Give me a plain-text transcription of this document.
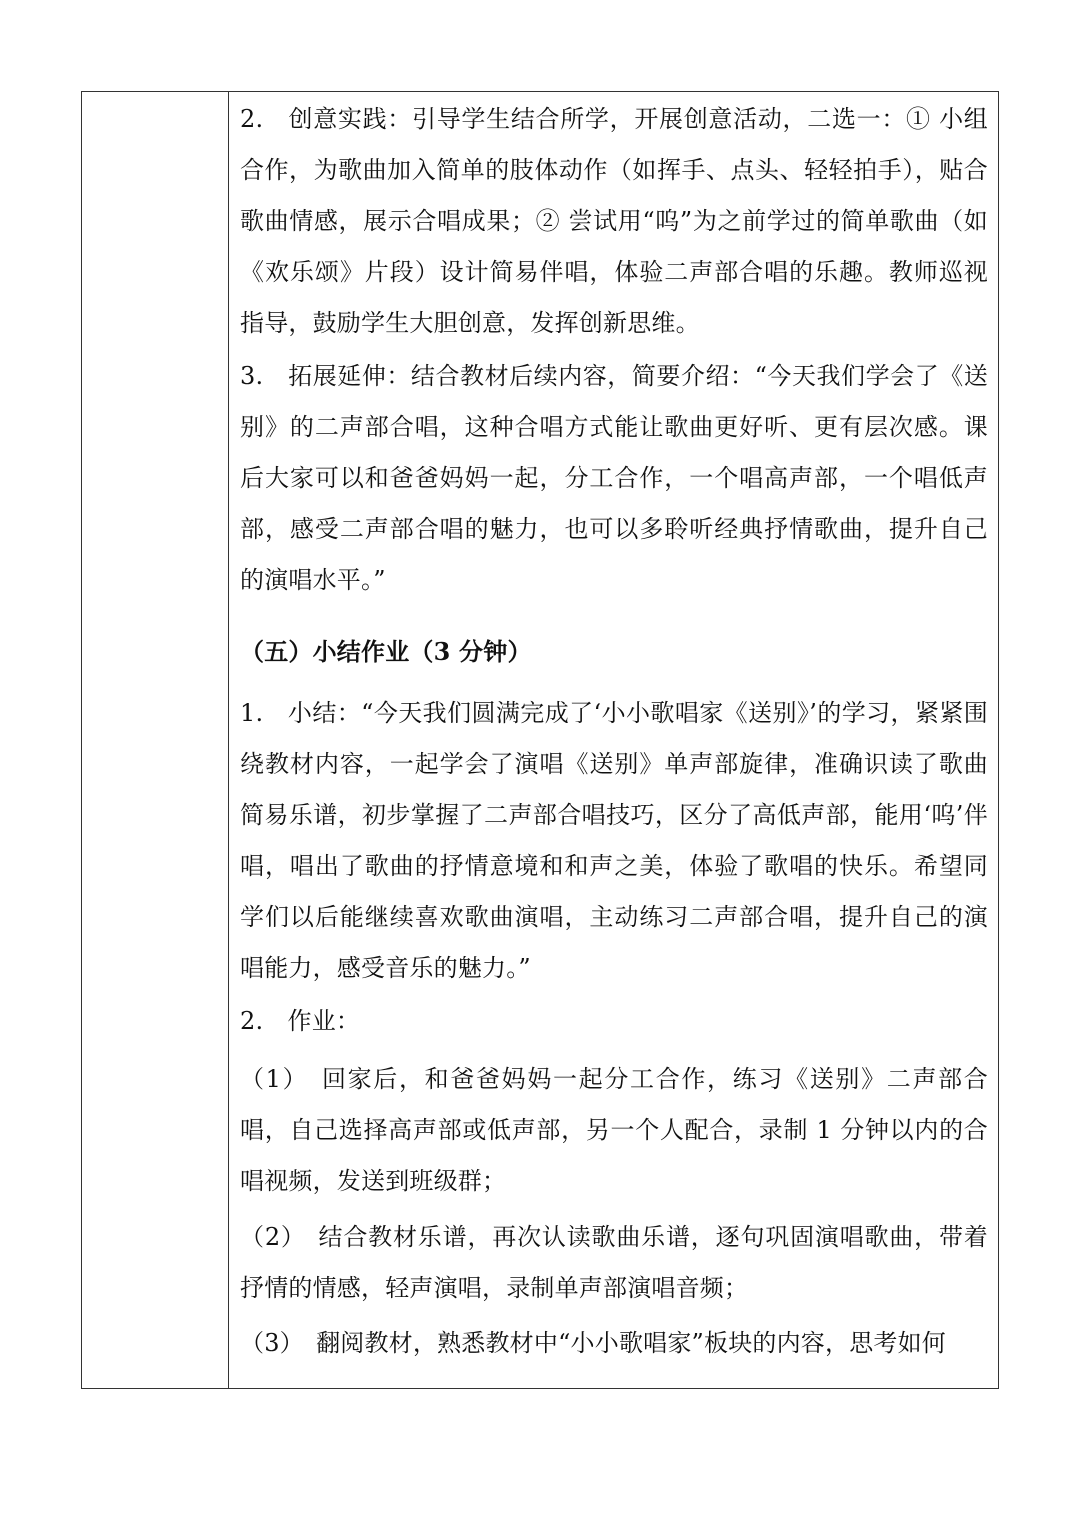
2.　创意实践：引导学生结合所学，开展创意活动，二选一：① 小组合作，为歌曲加入简单的肢体动作（如挥手、点头、轻轻拍手），贴合歌曲情感，展示合唱成果；② 尝试用“呜”为之前学过的简单歌曲（如《欢乐颂》片段）设计简易伴唱，体验二声部合唱的乐趣。教师巡视指导，鼓励学生大胆创意，发挥创新思维。

3.　拓展延伸：结合教材后续内容，简要介绍：“今天我们学会了《送别》的二声部合唱，这种合唱方式能让歌曲更好听、更有层次感。课后大家可以和爸爸妈妈一起，分工合作，一个唱高声部，一个唱低声部，感受二声部合唱的魅力，也可以多聆听经典抒情歌曲，提升自己的演唱水平。”

（五）小结作业（3 分钟）

1.　小结：“今天我们圆满完成了‘小小歌唱家《送别》’的学习，紧紧围绕教材内容，一起学会了演唱《送别》单声部旋律，准确识读了歌曲简易乐谱，初步掌握了二声部合唱技巧，区分了高低声部，能用‘呜’伴唱，唱出了歌曲的抒情意境和和声之美，体验了歌唱的快乐。希望同学们以后能继续喜欢歌曲演唱，主动练习二声部合唱，提升自己的演唱能力，感受音乐的魅力。”

2.　作业：

（1）　回家后，和爸爸妈妈一起分工合作，练习《送别》二声部合唱，自己选择高声部或低声部，另一个人配合，录制 1 分钟以内的合唱视频，发送到班级群；

（2）　结合教材乐谱，再次认读歌曲乐谱，逐句巩固演唱歌曲，带着抒情的情感，轻声演唱，录制单声部演唱音频；

（3）　翻阅教材，熟悉教材中“小小歌唱家”板块的内容，思考如何
